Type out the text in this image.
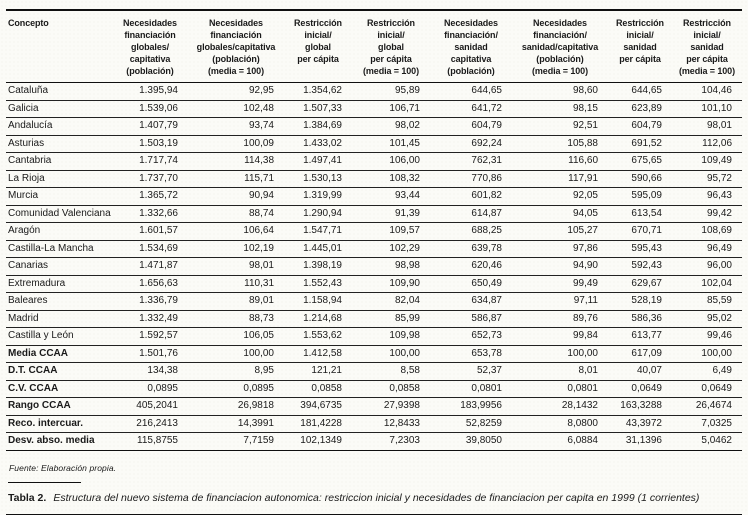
Concepto	Necesidades
financiación
globales/
capitativa
(población)

Necesidades
financiación
globales/capitativa
(población)
(media = 100)

Restricción
inicial/
global
per cápita

Restricción
inicial/
global
per cápita
(media = 100)

Necesidades
financiación/
sanidad
capitativa
(población)

Necesidades
financiación/
sanidad/capitativa
(población)
(media = 100)

Restricción
inicial/
sanidad
per cápita

Restricción
inicial/
sanidad
per cápita
(media = 100)

Cataluña	1.395,94	92,95	1.354,62	95,89	644,65	98,60	644,65	104,46
Galicia	1.539,06	102,48	1.507,33	106,71	641,72	98,15	623,89	101,10
Andalucía	1.407,79	93,74	1.384,69	98,02	604,79	92,51	604,79	98,01
Asturias	1.503,19	100,09	1.433,02	101,45	692,24	105,88	691,52	112,06
Cantabria	1.717,74	114,38	1.497,41	106,00	762,31	116,60	675,65	109,49
La Rioja	1.737,70	115,71	1.530,13	108,32	770,86	117,91	590,66	95,72
Murcia	1.365,72	90,94	1.319,99	93,44	601,82	92,05	595,09	96,43
Comunidad Valenciana	1.332,66	88,74	1.290,94	91,39	614,87	94,05	613,54	99,42
Aragón	1.601,57	106,64	1.547,71	109,57	688,25	105,27	670,71	108,69
Castilla-La Mancha	1.534,69	102,19	1.445,01	102,29	639,78	97,86	595,43	96,49
Canarias	1.471,87	98,01	1.398,19	98,98	620,46	94,90	592,43	96,00
Extremadura	1.656,63	110,31	1.552,43	109,90	650,49	99,49	629,67	102,04
Baleares	1.336,79	89,01	1.158,94	82,04	634,87	97,11	528,19	85,59
Madrid	1.332,49	88,73	1.214,68	85,99	586,87	89,76	586,36	95,02
Castilla y León	1.592,57	106,05	1.553,62	109,98	652,73	99,84	613,77	99,46
Media CCAA	1.501,76	100,00	1.412,58	100,00	653,78	100,00	617,09	100,00
D.T. CCAA	134,38	8,95	121,21	8,58	52,37	8,01	40,07	6,49
C.V. CCAA	0,0895	0,0895	0,0858	0,0858	0,0801	0,0801	0,0649	0,0649
Rango CCAA	405,2041	26,9818	394,6735	27,9398	183,9956	28,1432	163,3288	26,4674
Reco. intercuar.	216,2413	14,3991	181,4228	12,8433	52,8259	8,0800	43,3972	7,0325
Desv. abso. media	115,8755	7,7159	102,1349	7,2303	39,8050	6,0884	31,1396	5,0462
Fuente: Elaboración propia.
Tabla 2. Estructura del nuevo sistema de financiacion autonomica: restriccion inicial y necesidades de financiacion per capita en 1999 (1 corrientes)
